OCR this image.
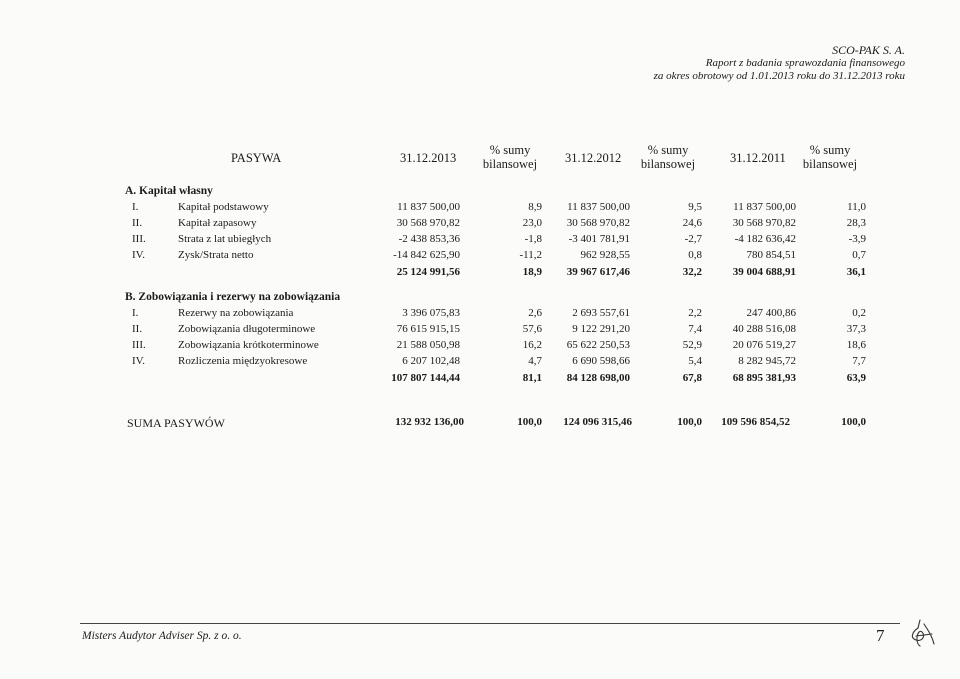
SCO-PAK S. A.
Raport z badania sprawozdania finansowego
za okres obrotowy od 1.01.2013 roku do 31.12.2013 roku
PASYWA	31.12.2013
% sumy
bilansowej	31.12.2012
% sumy
bilansowej	31.12.2011
% sumy
bilansowej
A. Kapitał własny
I.	Kapitał podstawowy	11 837 500,00	8,9	11 837 500,00	9,5	11 837 500,00	11,0
II.	Kapitał zapasowy	30 568 970,82	23,0	30 568 970,82	24,6	30 568 970,82	28,3
III.	Strata z lat ubiegłych	-2 438 853,36	-1,8	-3 401 781,91	-2,7	-4 182 636,42	-3,9
IV.	Zysk/Strata netto	-14 842 625,90	-11,2	962 928,55	0,8	780 854,51	0,7
25 124 991,56	18,9	39 967 617,46	32,2	39 004 688,91	36,1
B. Zobowiązania i rezerwy na zobowiązania
I.	Rezerwy na zobowiązania	3 396 075,83	2,6	2 693 557,61	2,2	247 400,86	0,2
II.	Zobowiązania długoterminowe	76 615 915,15	57,6	9 122 291,20	7,4	40 288 516,08	37,3
III.	Zobowiązania krótkoterminowe	21 588 050,98	16,2	65 622 250,53	52,9	20 076 519,27	18,6
IV.	Rozliczenia międzyokresowe	6 207 102,48	4,7	6 690 598,66	5,4	8 282 945,72	7,7
107 807 144,44	81,1	84 128 698,00	67,8	68 895 381,93	63,9
SUMA PASYWÓW	132 932 136,00	100,0	124 096 315,46	100,0	109 596 854,52	100,0
Misters Audytor Adviser Sp. z o. o.	7
